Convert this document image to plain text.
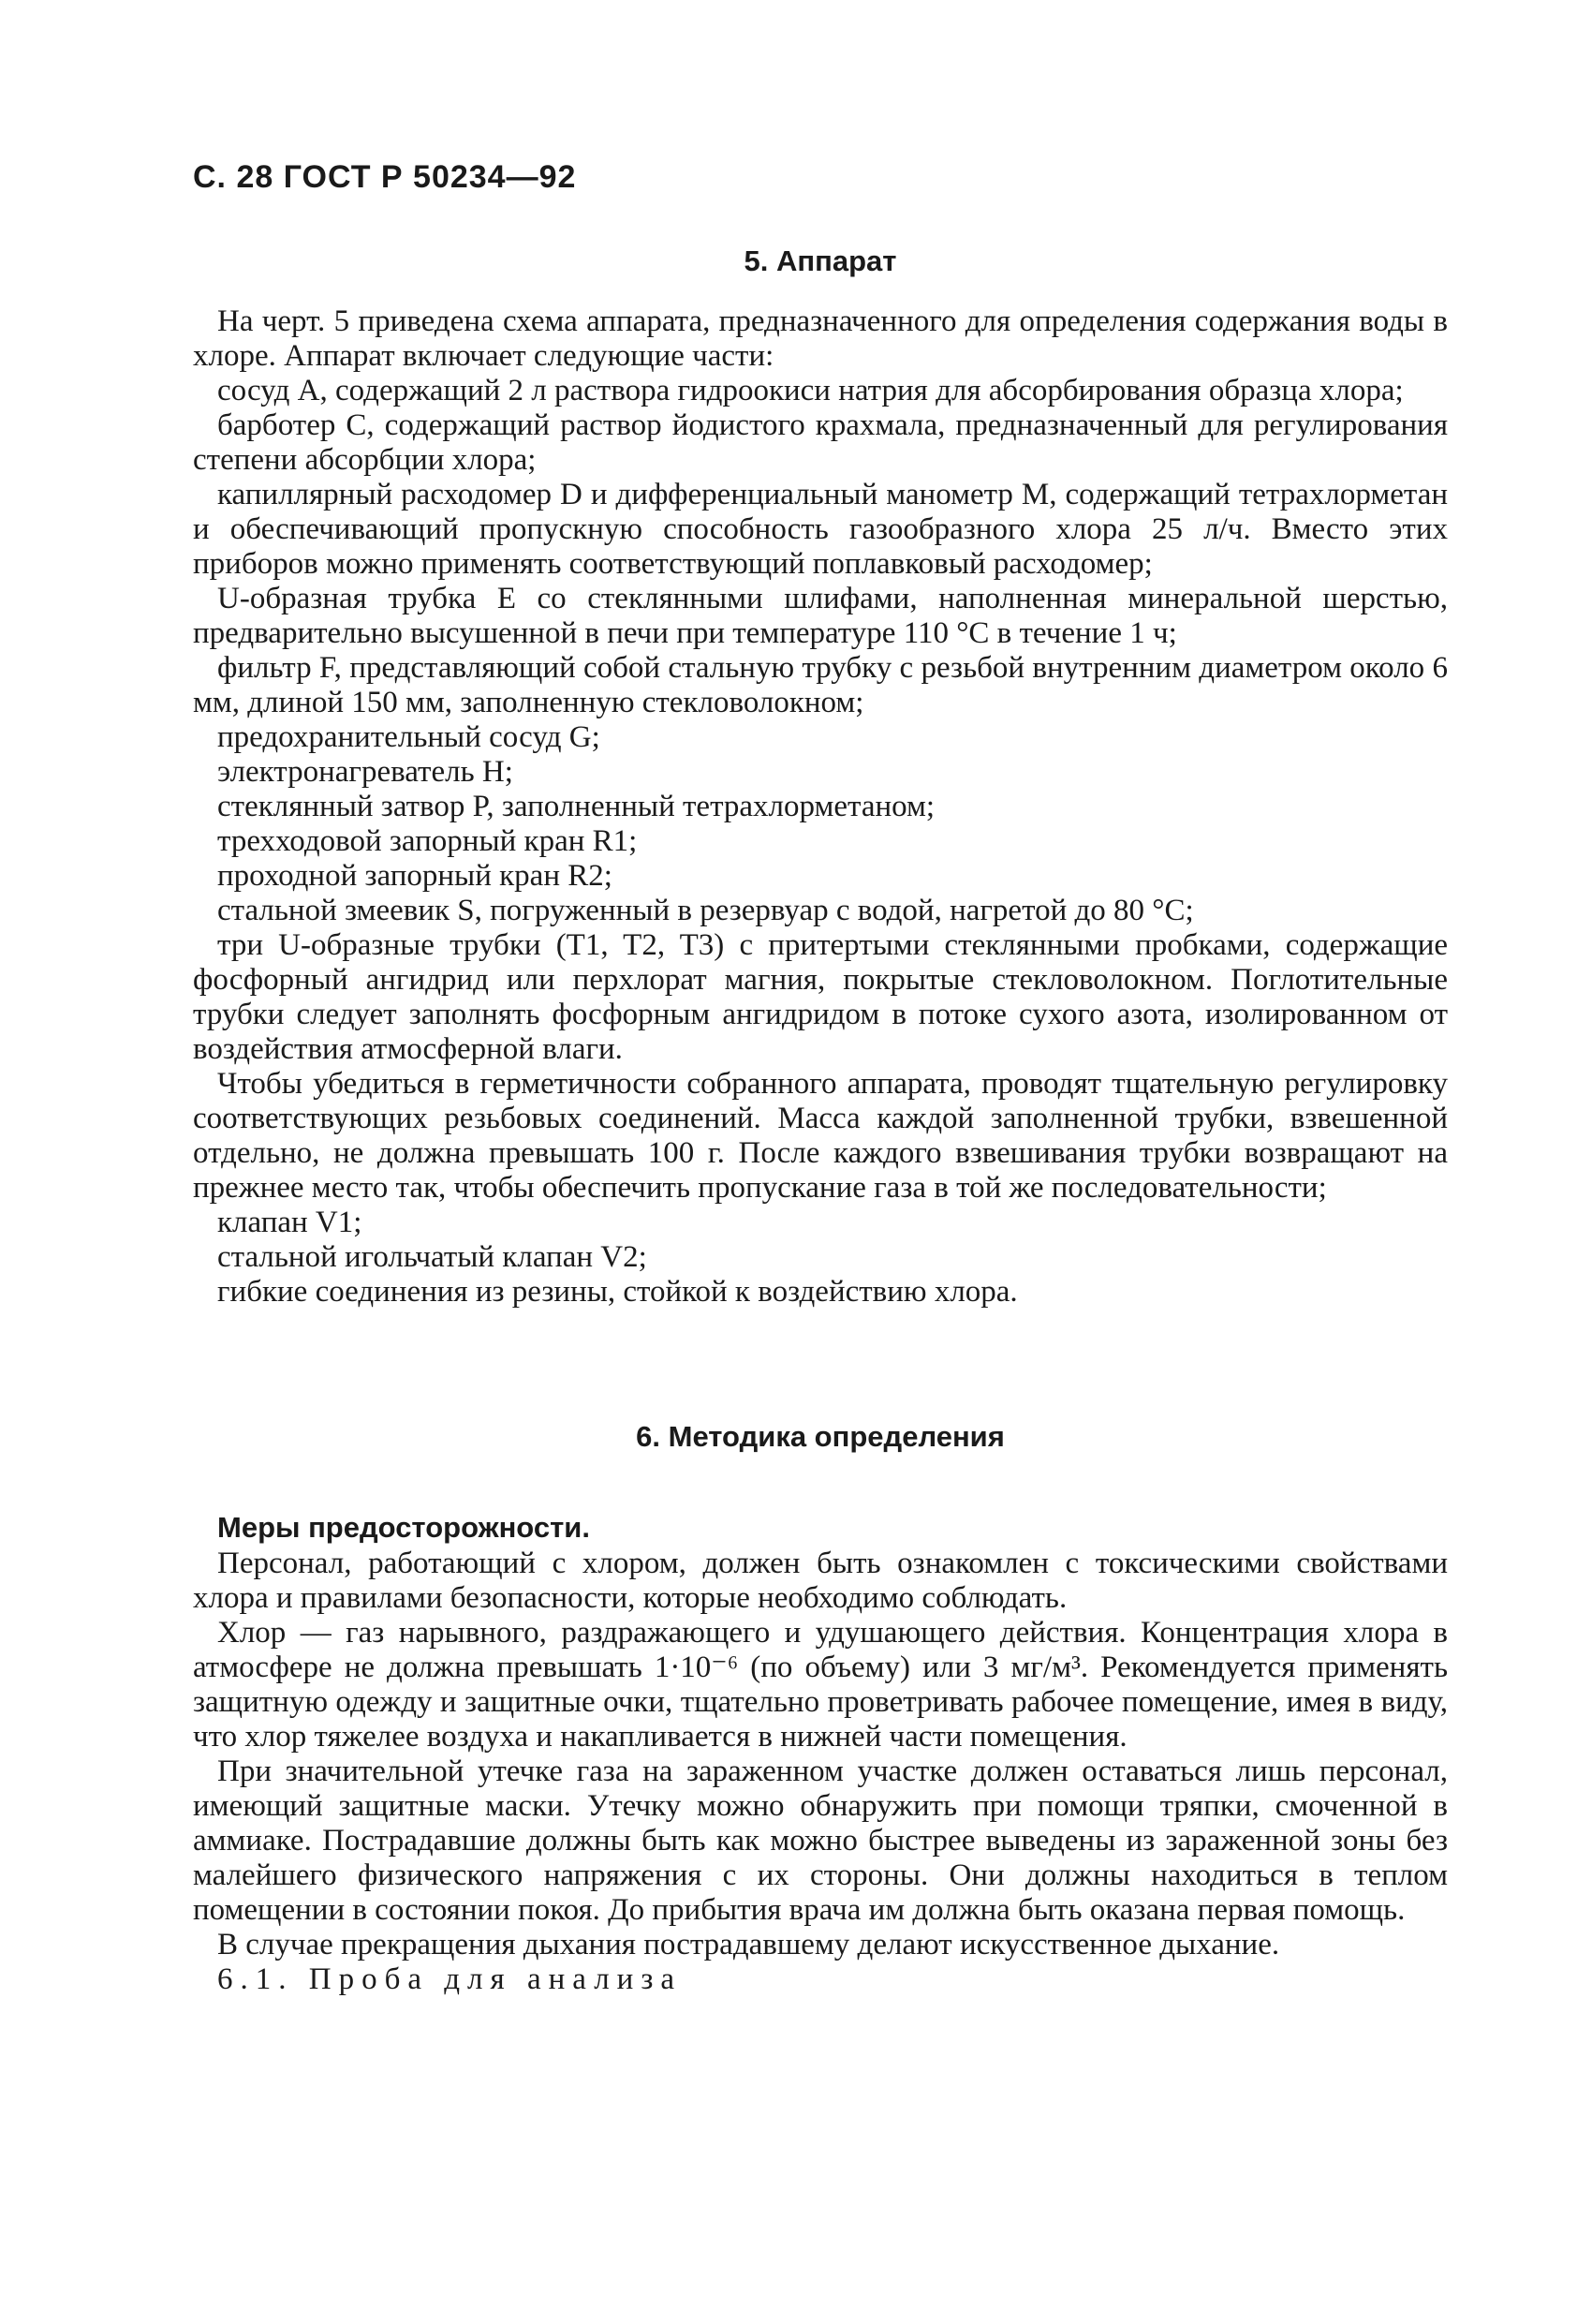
С. 28 ГОСТ Р 50234—92
5. Аппарат

На черт. 5 приведена схема аппарата, предназначенного для определения содержания воды в хлоре. Аппарат включает следующие части:

сосуд A, содержащий 2 л раствора гидроокиси натрия для абсорбирования образца хлора;

барботер C, содержащий раствор йодистого крахмала, предназначенный для регулирования степени абсорбции хлора;

капиллярный расходомер D и дифференциальный манометр M, содержащий тетрахлорметан и обеспечивающий пропускную способность газообразного хлора 25 л/ч. Вместо этих приборов можно применять соответствующий поплавковый расходомер;

U-образная трубка E со стеклянными шлифами, наполненная минеральной шерстью, предварительно высушенной в печи при температуре 110 °С в течение 1 ч;

фильтр F, представляющий собой стальную трубку с резьбой внутренним диаметром около 6 мм, длиной 150 мм, заполненную стекловолокном;

предохранительный сосуд G;

электронагреватель H;

стеклянный затвор P, заполненный тетрахлорметаном;

трехходовой запорный кран R1;

проходной запорный кран R2;

стальной змеевик S, погруженный в резервуар с водой, нагретой до 80 °С;

три U-образные трубки (T1, T2, T3) с притертыми стеклянными пробками, содержащие фосфорный ангидрид или перхлорат магния, покрытые стекловолокном. Поглотительные трубки следует заполнять фосфорным ангидридом в потоке сухого азота, изолированном от воздействия атмосферной влаги.

Чтобы убедиться в герметичности собранного аппарата, проводят тщательную регулировку соответствующих резьбовых соединений. Масса каждой заполненной трубки, взвешенной отдельно, не должна превышать 100 г. После каждого взвешивания трубки возвращают на прежнее место так, чтобы обеспечить пропускание газа в той же последовательности;

клапан V1;

стальной игольчатый клапан V2;

гибкие соединения из резины, стойкой к воздействию хлора.

6. Методика определения
Меры предосторожности.

Персонал, работающий с хлором, должен быть ознакомлен с токсическими свойствами хлора и правилами безопасности, которые необходимо соблюдать.

Хлор — газ нарывного, раздражающего и удушающего действия. Концентрация хлора в атмосфере не должна превышать 1·10⁻⁶ (по объему) или 3 мг/м³. Рекомендуется применять защитную одежду и защитные очки, тщательно проветривать рабочее помещение, имея в виду, что хлор тяжелее воздуха и накапливается в нижней части помещения.

При значительной утечке газа на зараженном участке должен оставаться лишь персонал, имеющий защитные маски. Утечку можно обнаружить при помощи тряпки, смоченной в аммиаке. Пострадавшие должны быть как можно быстрее выведены из зараженной зоны без малейшего физического напряжения с их стороны. Они должны находиться в теплом помещении в состоянии покоя. До прибытия врача им должна быть оказана первая помощь.

В случае прекращения дыхания пострадавшему делают искусственное дыхание.

6.1. Проба для анализа
